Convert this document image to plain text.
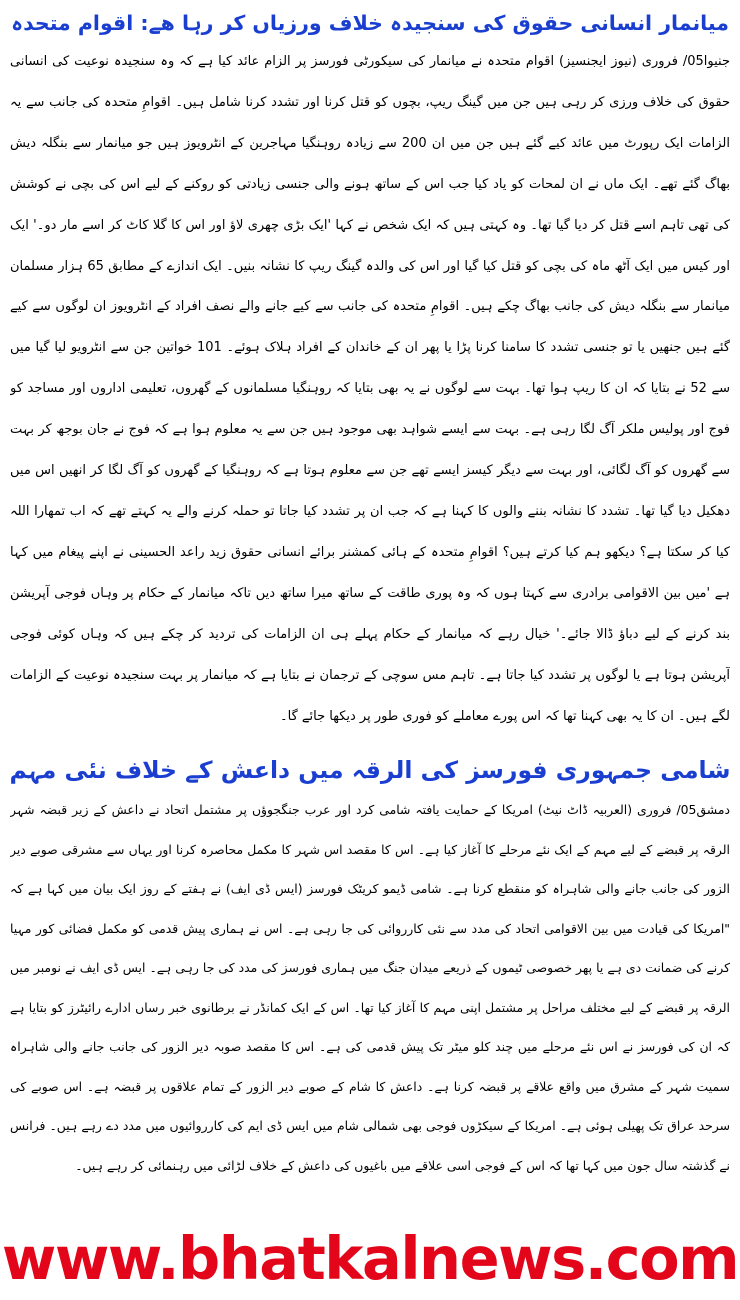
میانمار انسانی حقوق کی سنجیدہ خلاف ورزیاں کر رہا ھے: اقوام متحدہ
جنیوا05/ فروری (نیوز ایجنسیز) اقوام متحدہ نے میانمار کی سیکورٹی فورسز پر الزام عائد کیا ہے کہ وہ سنجیدہ نوعیت کی انسانی حقوق کی خلاف ورزی کر رہی ہیں جن میں گینگ ریپ، بچوں کو قتل کرنا اور تشدد کرنا شامل ہیں۔ اقوامِ متحدہ کی جانب سے یہ الزامات ایک رپورٹ میں عائد کیے گئے ہیں جن میں ان 200 سے زیادہ روہنگیا مہاجرین کے انٹرویوز ہیں جو میانمار سے بنگلہ دیش بھاگ گئے تھے۔ ایک ماں نے ان لمحات کو یاد کیا جب اس کے ساتھ ہونے والی جنسی زیادتی کو روکنے کے لیے اس کی بچی نے کوشش کی تھی تاہم اسے قتل کر دیا گیا تھا۔ وہ کہتی ہیں کہ ایک شخص نے کہا 'ایک بڑی چھری لاؤ اور اس کا گلا کاٹ کر اسے مار دو۔' ایک اور کیس میں ایک آٹھ ماہ کی بچی کو قتل کیا گیا اور اس کی والدہ گینگ ریپ کا نشانہ بنیں۔ ایک اندازے کے مطابق 65 ہزار مسلمان میانمار سے بنگلہ دیش کی جانب بھاگ چکے ہیں۔ اقوامِ متحدہ کی جانب سے کیے جانے والے نصف افراد کے انٹرویوز ان لوگوں سے کیے گئے ہیں جنھیں یا تو جنسی تشدد کا سامنا کرنا پڑا یا پھر ان کے خاندان کے افراد ہلاک ہوئے۔ 101 خواتین جن سے انٹرویو لیا گیا میں سے 52 نے بتایا کہ ان کا ریپ ہوا تھا۔ بہت سے لوگوں نے یہ بھی بتایا کہ روہنگیا مسلمانوں کے گھروں، تعلیمی اداروں اور مساجد کو فوج اور پولیس ملکر آگ لگا رہی ہے۔ بہت سے ایسے شواہد بھی موجود ہیں جن سے یہ معلوم ہوا ہے کہ فوج نے جان بوجھ کر بہت سے گھروں کو آگ لگائی، اور بہت سے دیگر کیسز ایسے تھے جن سے معلوم ہوتا ہے کہ روہنگیا کے گھروں کو آگ لگا کر انھیں اس میں دھکیل دیا گیا تھا۔ تشدد کا نشانہ بننے والوں کا کہنا ہے کہ جب ان پر تشدد کیا جاتا تو حملہ کرنے والے یہ کہتے تھے کہ اب تمھارا اللہ کیا کر سکتا ہے؟ دیکھو ہم کیا کرتے ہیں؟ اقوامِ متحدہ کے ہائی کمشنر برائے انسانی حقوق زید راعد الحسینی نے اپنے پیغام میں کہا ہے 'میں بین الاقوامی برادری سے کہتا ہوں کہ وہ پوری طاقت کے ساتھ میرا ساتھ دیں تاکہ میانمار کے حکام پر وہاں فوجی آپریشن بند کرنے کے لیے دباؤ ڈالا جائے۔' خیال رہے کہ میانمار کے حکام پہلے ہی ان الزامات کی تردید کر چکے ہیں کہ وہاں کوئی فوجی آپریشن ہوتا ہے یا لوگوں پر تشدد کیا جاتا ہے۔ تاہم مس سوچی کے ترجمان نے بتایا ہے کہ میانمار پر بہت سنجیدہ نوعیت کے الزامات لگے ہیں۔ ان کا یہ بھی کہنا تھا کہ اس پورے معاملے کو فوری طور پر دیکھا جائے گا۔
شامی جمہوری فورسز کی الرقہ میں داعش کے خلاف نئی مہم
دمشق05/ فروری (العربیہ ڈاٹ نیٹ) امریکا کے حمایت یافتہ شامی کرد اور عرب جنگجوؤں پر مشتمل اتحاد نے داعش کے زیر قبضہ شہر الرقہ پر قبضے کے لیے مہم کے ایک نئے مرحلے کا آغاز کیا ہے۔ اس کا مقصد اس شہر کا مکمل محاصرہ کرنا اور یہاں سے مشرقی صوبے دیر الزور کی جانب جانے والی شاہراہ کو منقطع کرنا ہے۔ شامی ڈیمو کریٹک فورسز (ایس ڈی ایف) نے ہفتے کے روز ایک بیان میں کہا ہے کہ "امریکا کی قیادت میں بین الاقوامی اتحاد کی مدد سے نئی کارروائی کی جا رہی ہے۔ اس نے ہماری پیش قدمی کو مکمل فضائی کور مہیا کرنے کی ضمانت دی ہے یا پھر خصوصی ٹیموں کے ذریعے میدان جنگ میں ہماری فورسز کی مدد کی جا رہی ہے۔ ایس ڈی ایف نے نومبر میں الرقہ پر قبضے کے لیے مختلف مراحل پر مشتمل اپنی مہم کا آغاز کیا تھا۔ اس کے ایک کمانڈر نے برطانوی خبر رساں ادارے رائیٹرز کو بتایا ہے کہ ان کی فورسز نے اس نئے مرحلے میں چند کلو میٹر تک پیش قدمی کی ہے۔ اس کا مقصد صوبہ دیر الزور کی جانب جانے والی شاہراہ سمیت شہر کے مشرق میں واقع علاقے پر قبضہ کرنا ہے۔ داعش کا شام کے صوبے دیر الزور کے تمام علاقوں پر قبضہ ہے۔ اس صوبے کی سرحد عراق تک پھیلی ہوئی ہے۔ امریکا کے سیکڑوں فوجی بھی شمالی شام میں ایس ڈی ایم کی کارروائیوں میں مدد دے رہے ہیں۔ فرانس نے گذشتہ سال جون میں کہا تھا کہ اس کے فوجی اسی علاقے میں باغیوں کی داعش کے خلاف لڑائی میں رہنمائی کر رہے ہیں۔
www.bhatkalnews.com
